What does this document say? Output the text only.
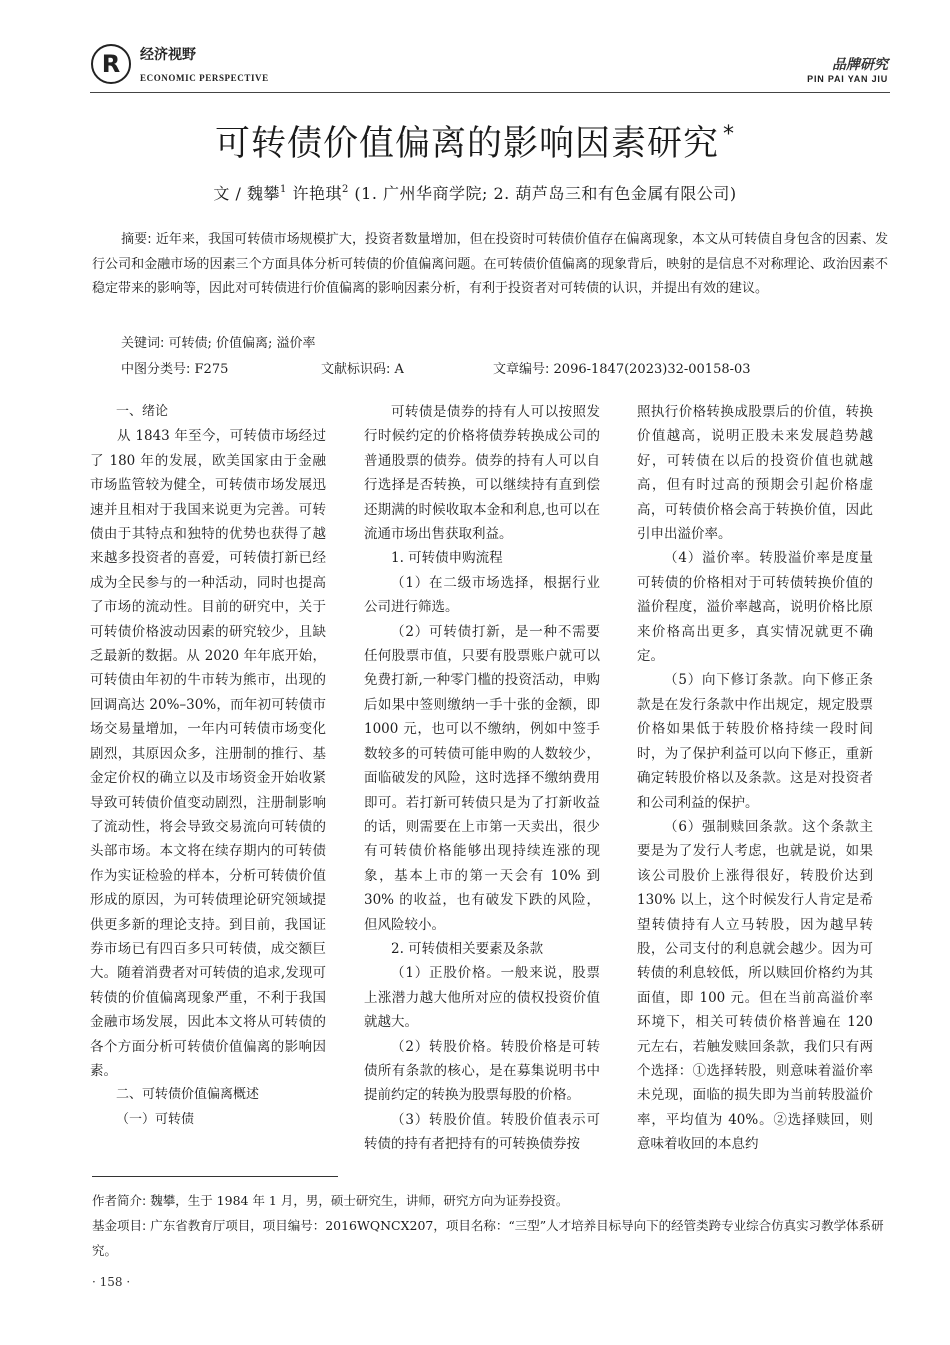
R	经济视野
ECONOMIC PERSPECTIVE
品牌研究
PIN PAI YAN JIU
可转债价值偏离的影响因素研究 *
文 / 魏攀$^1$ 许艳琪$^2$ (1. 广州华商学院; 2. 葫芦岛三和有色金属有限公司)
摘要: 近年来，我国可转债市场规模扩大，投资者数量增加，但在投资时可转债价值存在偏离现象，本文从可转债自身包含的因素、发行公司和金融市场的因素三个方面具体分析可转债的价值偏离问题。在可转债价值偏离的现象背后，映射的是信息不对称理论、政治因素不稳定带来的影响等，因此对可转债进行价值偏离的影响因素分析，有利于投资者对可转债的认识，并提出有效的建议。
关键词: 可转债; 价值偏离; 溢价率
中图分类号: F275	文献标识码: A	文章编号: 2096-1847(2023)32-00158-03
一、绪论

从 1843 年至今，可转债市场经过了 180 年的发展，欧美国家由于金融市场监管较为健全，可转债市场发展迅速并且相对于我国来说更为完善。可转债由于其特点和独特的优势也获得了越来越多投资者的喜爱，可转债打新已经成为全民参与的一种活动，同时也提高了市场的流动性。目前的研究中，关于可转债价格波动因素的研究较少，且缺乏最新的数据。从 2020 年年底开始，可转债由年初的牛市转为熊市，出现的回调高达 20%–30%，而年初可转债市场交易量增加，一年内可转债市场变化剧烈，其原因众多，注册制的推行、基金定价权的确立以及市场资金开始收紧导致可转债价值变动剧烈，注册制影响了流动性，将会导致交易流向可转债的头部市场。本文将在续存期内的可转债作为实证检验的样本，分析可转债价值形成的原因，为可转债理论研究领域提供更多新的理论支持。到目前，我国证券市场已有四百多只可转债，成交额巨大。随着消费者对可转债的追求,发现可转债的价值偏离现象严重，不利于我国金融市场发展，因此本文将从可转债的各个方面分析可转债价值偏离的影响因素。

二、可转债价值偏离概述
（一）可转债

可转债是债券的持有人可以按照发行时候约定的价格将债券转换成公司的普通股票的债券。债券的持有人可以自行选择是否转换，可以继续持有直到偿还期满的时候收取本金和利息,也可以在流通市场出售获取利益。

1. 可转债申购流程

（1）在二级市场选择，根据行业公司进行筛选。

（2）可转债打新，是一种不需要任何股票市值，只要有股票账户就可以免费打新,一种零门槛的投资活动，申购后如果中签则缴纳一手十张的金额，即 1000 元，也可以不缴纳，例如中签手数较多的可转债可能申购的人数较少，面临破发的风险，这时选择不缴纳费用即可。若打新可转债只是为了打新收益的话，则需要在上市第一天卖出，很少有可转债价格能够出现持续连涨的现象，基本上市的第一天会有 10% 到 30% 的收益，也有破发下跌的风险，但风险较小。

2. 可转债相关要素及条款

（1）正股价格。一般来说，股票上涨潜力越大他所对应的债权投资价值就越大。

（2）转股价格。转股价格是可转债所有条款的核心，是在募集说明书中提前约定的转换为股票每股的价格。

（3）转股价值。转股价值表示可转债的持有者把持有的可转换债券按

照执行价格转换成股票后的价值，转换价值越高，说明正股未来发展趋势越好，可转债在以后的投资价值也就越高，但有时过高的预期会引起价格虚高，可转债价格会高于转换价值，因此引申出溢价率。

（4）溢价率。转股溢价率是度量可转债的价格相对于可转债转换价值的溢价程度，溢价率越高，说明价格比原来价格高出更多，真实情况就更不确定。

（5）向下修订条款。向下修正条款是在发行条款中作出规定，规定股票价格如果低于转股价格持续一段时间时，为了保护利益可以向下修正，重新确定转股价格以及条款。这是对投资者和公司利益的保护。

（6）强制赎回条款。这个条款主要是为了发行人考虑，也就是说，如果该公司股价上涨得很好，转股价达到 130% 以上，这个时候发行人肯定是希望转债持有人立马转股，因为越早转股，公司支付的利息就会越少。因为可转债的利息较低，所以赎回价格约为其面值，即 100 元。但在当前高溢价率环境下，相关可转债价格普遍在 120 元左右，若触发赎回条款，我们只有两个选择：①选择转股，则意味着溢价率未兑现，面临的损失即为当前转股溢价率，平均值为 40%。②选择赎回，则意味着收回的本息约

作者简介: 魏攀，生于 1984 年 1 月，男，硕士研究生，讲师，研究方向为证券投资。
基金项目: 广东省教育厅项目，项目编号：2016WQNCX207，项目名称：“三型”人才培养目标导向下的经管类跨专业综合仿真实习教学体系研究。
· 158 ·
